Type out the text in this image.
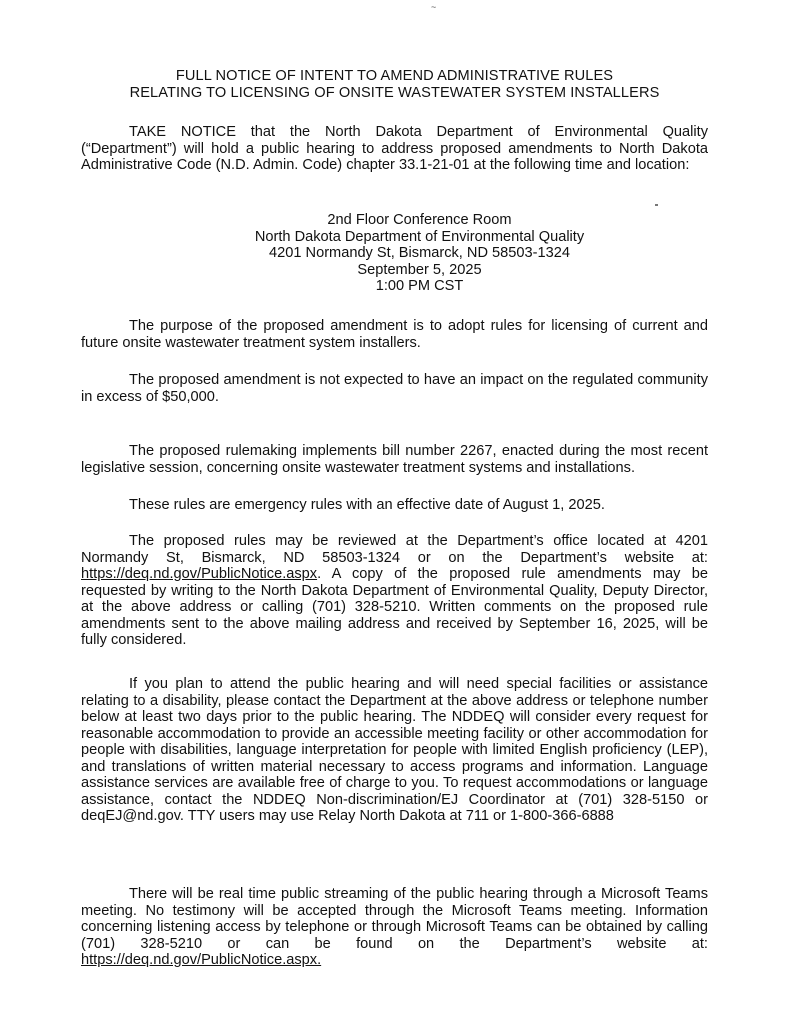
~
FULL NOTICE OF INTENT TO AMEND ADMINISTRATIVE RULES
RELATING TO LICENSING OF ONSITE WASTEWATER SYSTEM INSTALLERS

TAKE NOTICE that the North Dakota Department of Environmental Quality (“Department”) will hold a public hearing to address proposed amendments to North Dakota Administrative Code (N.D. Admin. Code) chapter 33.1-21-01 at the following time and location:

2nd Floor Conference Room
North Dakota Department of Environmental Quality
4201 Normandy St, Bismarck, ND 58503-1324
September 5, 2025
1:00 PM CST

The purpose of the proposed amendment is to adopt rules for licensing of current and future onsite wastewater treatment system installers.

The proposed amendment is not expected to have an impact on the regulated community in excess of $50,000.

The proposed rulemaking implements bill number 2267, enacted during the most recent legislative session, concerning onsite wastewater treatment systems and installations.

These rules are emergency rules with an effective date of August 1, 2025.

The proposed rules may be reviewed at the Department’s office located at 4201 Normandy St, Bismarck, ND 58503-1324 or on the Department’s website at: https://deq.nd.gov/PublicNotice.aspx. A copy of the proposed rule amendments may be requested by writing to the North Dakota Department of Environmental Quality, Deputy Director, at the above address or calling (701) 328-5210. Written comments on the proposed rule amendments sent to the above mailing address and received by September 16, 2025, will be fully considered.

If you plan to attend the public hearing and will need special facilities or assistance relating to a disability, please contact the Department at the above address or telephone number below at least two days prior to the public hearing. The NDDEQ will consider every request for reasonable accommodation to provide an accessible meeting facility or other accommodation for people with disabilities, language interpretation for people with limited English proficiency (LEP), and translations of written material necessary to access programs and information. Language assistance services are available free of charge to you. To request accommodations or language assistance, contact the NDDEQ Non-discrimination/EJ Coordinator at (701) 328-5150 or deqEJ@nd.gov. TTY users may use Relay North Dakota at 711 or 1-800-366-6888

There will be real time public streaming of the public hearing through a Microsoft Teams meeting. No testimony will be accepted through the Microsoft Teams meeting. Information concerning listening access by telephone or through Microsoft Teams can be obtained by calling (701) 328-5210 or can be found on the Department’s website at: https://deq.nd.gov/PublicNotice.aspx.
